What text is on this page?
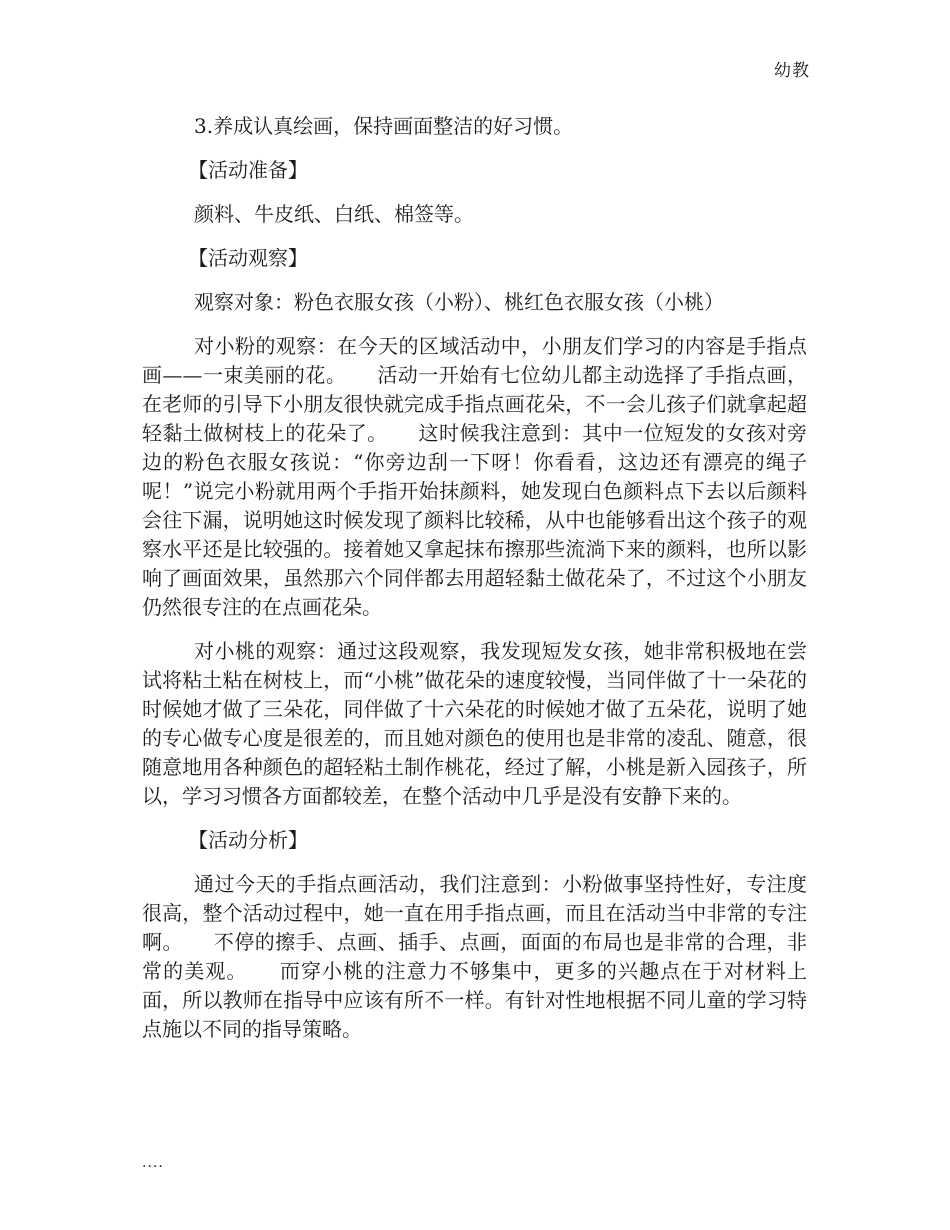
幼教

3.养成认真绘画，保持画面整洁的好习惯。

【活动准备】

颜料、牛皮纸、白纸、棉签等。

【活动观察】

观察对象：粉色衣服女孩（小粉）、桃红色衣服女孩（小桃）

对小粉的观察：在今天的区域活动中，小朋友们学习的内容是手指点画——一束美丽的花。　　活动一开始有七位幼儿都主动选择了手指点画，在老师的引导下小朋友很快就完成手指点画花朵，不一会儿孩子们就拿起超轻黏土做树枝上的花朵了。　　这时候我注意到：其中一位短发的女孩对旁边的粉色衣服女孩说：“你旁边刮一下呀！你看看，这边还有漂亮的绳子呢！”说完小粉就用两个手指开始抹颜料，她发现白色颜料点下去以后颜料会往下漏，说明她这时候发现了颜料比较稀，从中也能够看出这个孩子的观察水平还是比较强的。接着她又拿起抹布擦那些流淌下来的颜料，也所以影响了画面效果，虽然那六个同伴都去用超轻黏土做花朵了，不过这个小朋友仍然很专注的在点画花朵。

对小桃的观察：通过这段观察，我发现短发女孩，她非常积极地在尝试将粘土粘在树枝上，而“小桃”做花朵的速度较慢，当同伴做了十一朵花的时候她才做了三朵花，同伴做了十六朵花的时候她才做了五朵花，说明了她的专心做专心度是很差的，而且她对颜色的使用也是非常的凌乱、随意，很随意地用各种颜色的超轻粘土制作桃花，经过了解，小桃是新入园孩子，所以，学习习惯各方面都较差，在整个活动中几乎是没有安静下来的。

【活动分析】

通过今天的手指点画活动，我们注意到：小粉做事坚持性好，专注度很高，整个活动过程中，她一直在用手指点画，而且在活动当中非常的专注啊。　　不停的擦手、点画、插手、点画，面面的布局也是非常的合理，非常的美观。　　而穿小桃的注意力不够集中，更多的兴趣点在于对材料上面，所以教师在指导中应该有所不一样。有针对性地根据不同儿童的学习特点施以不同的指导策略。

....
